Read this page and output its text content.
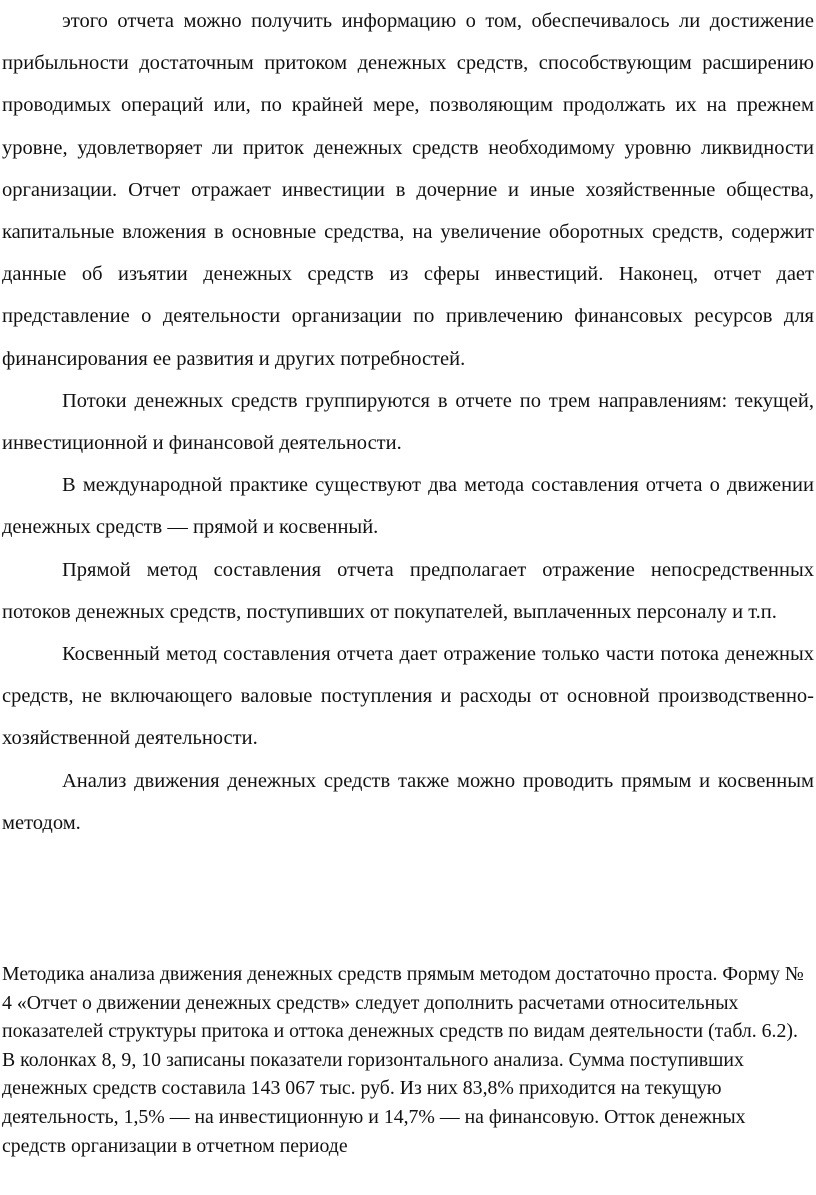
этого отчета можно получить информацию о том, обеспечивалось ли достижение прибыльности достаточным притоком денежных средств, способствующим расширению проводимых операций или, по крайней мере, позволяющим продолжать их на прежнем уровне, удовлетворяет ли приток денежных средств необходимому уровню ликвидности организации. Отчет отражает инвестиции в дочерние и иные хозяйственные общества, капитальные вложения в основные средства, на увеличение оборотных средств, содержит данные об изъятии денежных средств из сферы инвестиций. Наконец, отчет дает представление о деятельности организации по привлечению финансовых ресурсов для финансирования ее развития и других потребностей.

Потоки денежных средств группируются в отчете по трем направлениям: текущей, инвестиционной и финансовой деятельности.

В международной практике существуют два метода составления отчета о движении денежных средств — прямой и косвенный.

Прямой метод составления отчета предполагает отражение непосредственных потоков денежных средств, поступивших от покупателей, выплаченных персоналу и т.п.

Косвенный метод составления отчета дает отражение только части потока денежных средств, не включающего валовые поступления и расходы от основной производственно-хозяйственной деятельности.

Анализ движения денежных средств также можно проводить прямым и косвенным методом.

Методика анализа движения денежных средств прямым методом достаточно проста. Форму № 4 «Отчет о движении денежных средств» следует дополнить расчетами относительных показателей структуры притока и оттока денежных средств по видам деятельности (табл. 6.2).

В колонках 8, 9, 10 записаны показатели горизонтального анализа. Сумма поступивших денежных средств составила 143 067 тыс. руб. Из них 83,8% приходится на текущую деятельность, 1,5% — на инвестиционную и 14,7% — на финансовую. Отток денежных средств организации в отчетном периоде
